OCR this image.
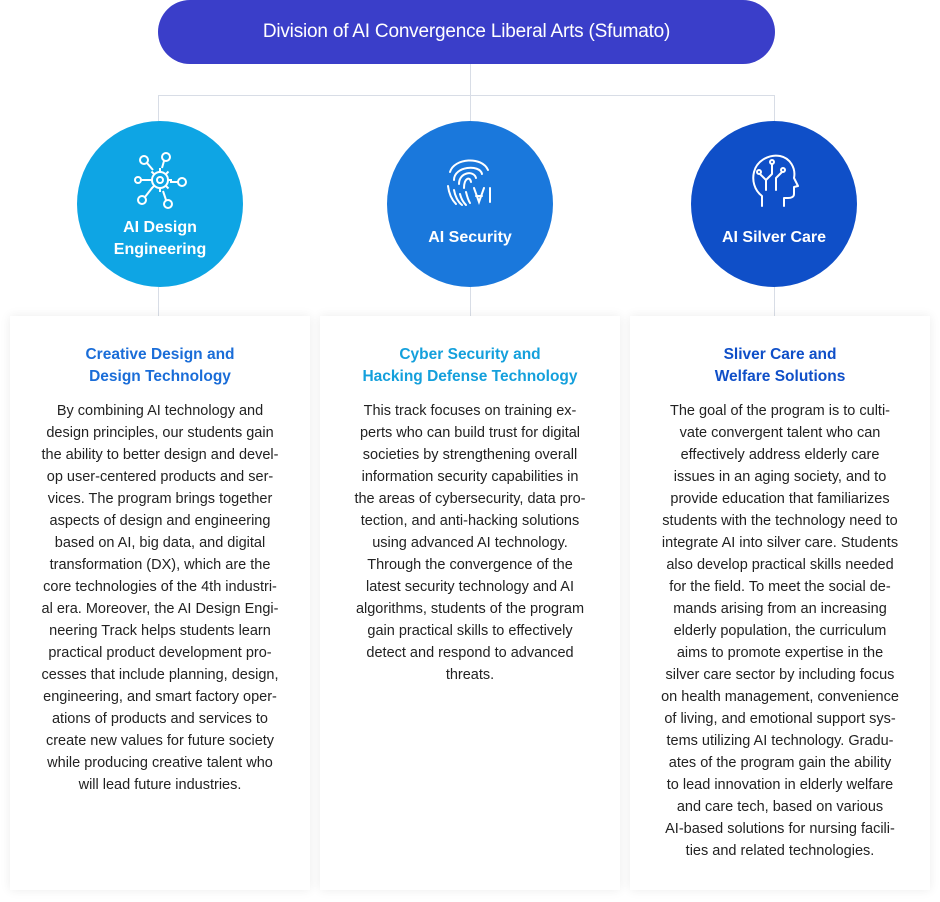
Division of AI Convergence Liberal Arts (Sfumato)
AI Design
Engineering
AI Security	AI Silver Care
Creative Design and
Design Technology
By combining AI technology and
design principles, our students gain
the ability to better design and devel-
op user-centered products and ser-
vices. The program brings together
aspects of design and engineering
based on AI, big data, and digital
transformation (DX), which are the
core technologies of the 4th industri-
al era. Moreover, the AI Design Engi-
neering Track helps students learn
practical product development pro-
cesses that include planning, design,
engineering, and smart factory oper-
ations of products and services to
create new values for future society
while producing creative talent who
will lead future industries.
Cyber Security and
Hacking Defense Technology
This track focuses on training ex-
perts who can build trust for digital
societies by strengthening overall
information security capabilities in
the areas of cybersecurity, data pro-
tection, and anti-hacking solutions
using advanced AI technology.
Through the convergence of the
latest security technology and AI
algorithms, students of the program
gain practical skills to effectively
detect and respond to advanced
threats.
Sliver Care and
Welfare Solutions
The goal of the program is to culti-
vate convergent talent who can
effectively address elderly care
issues in an aging society, and to
provide education that familiarizes
students with the technology need to
integrate AI into silver care. Students
also develop practical skills needed
for the field. To meet the social de-
mands arising from an increasing
elderly population, the curriculum
aims to promote expertise in the
silver care sector by including focus
on health management, convenience
of living, and emotional support sys-
tems utilizing AI technology. Gradu-
ates of the program gain the ability
to lead innovation in elderly welfare
and care tech, based on various
AI-based solutions for nursing facili-
ties and related technologies.
